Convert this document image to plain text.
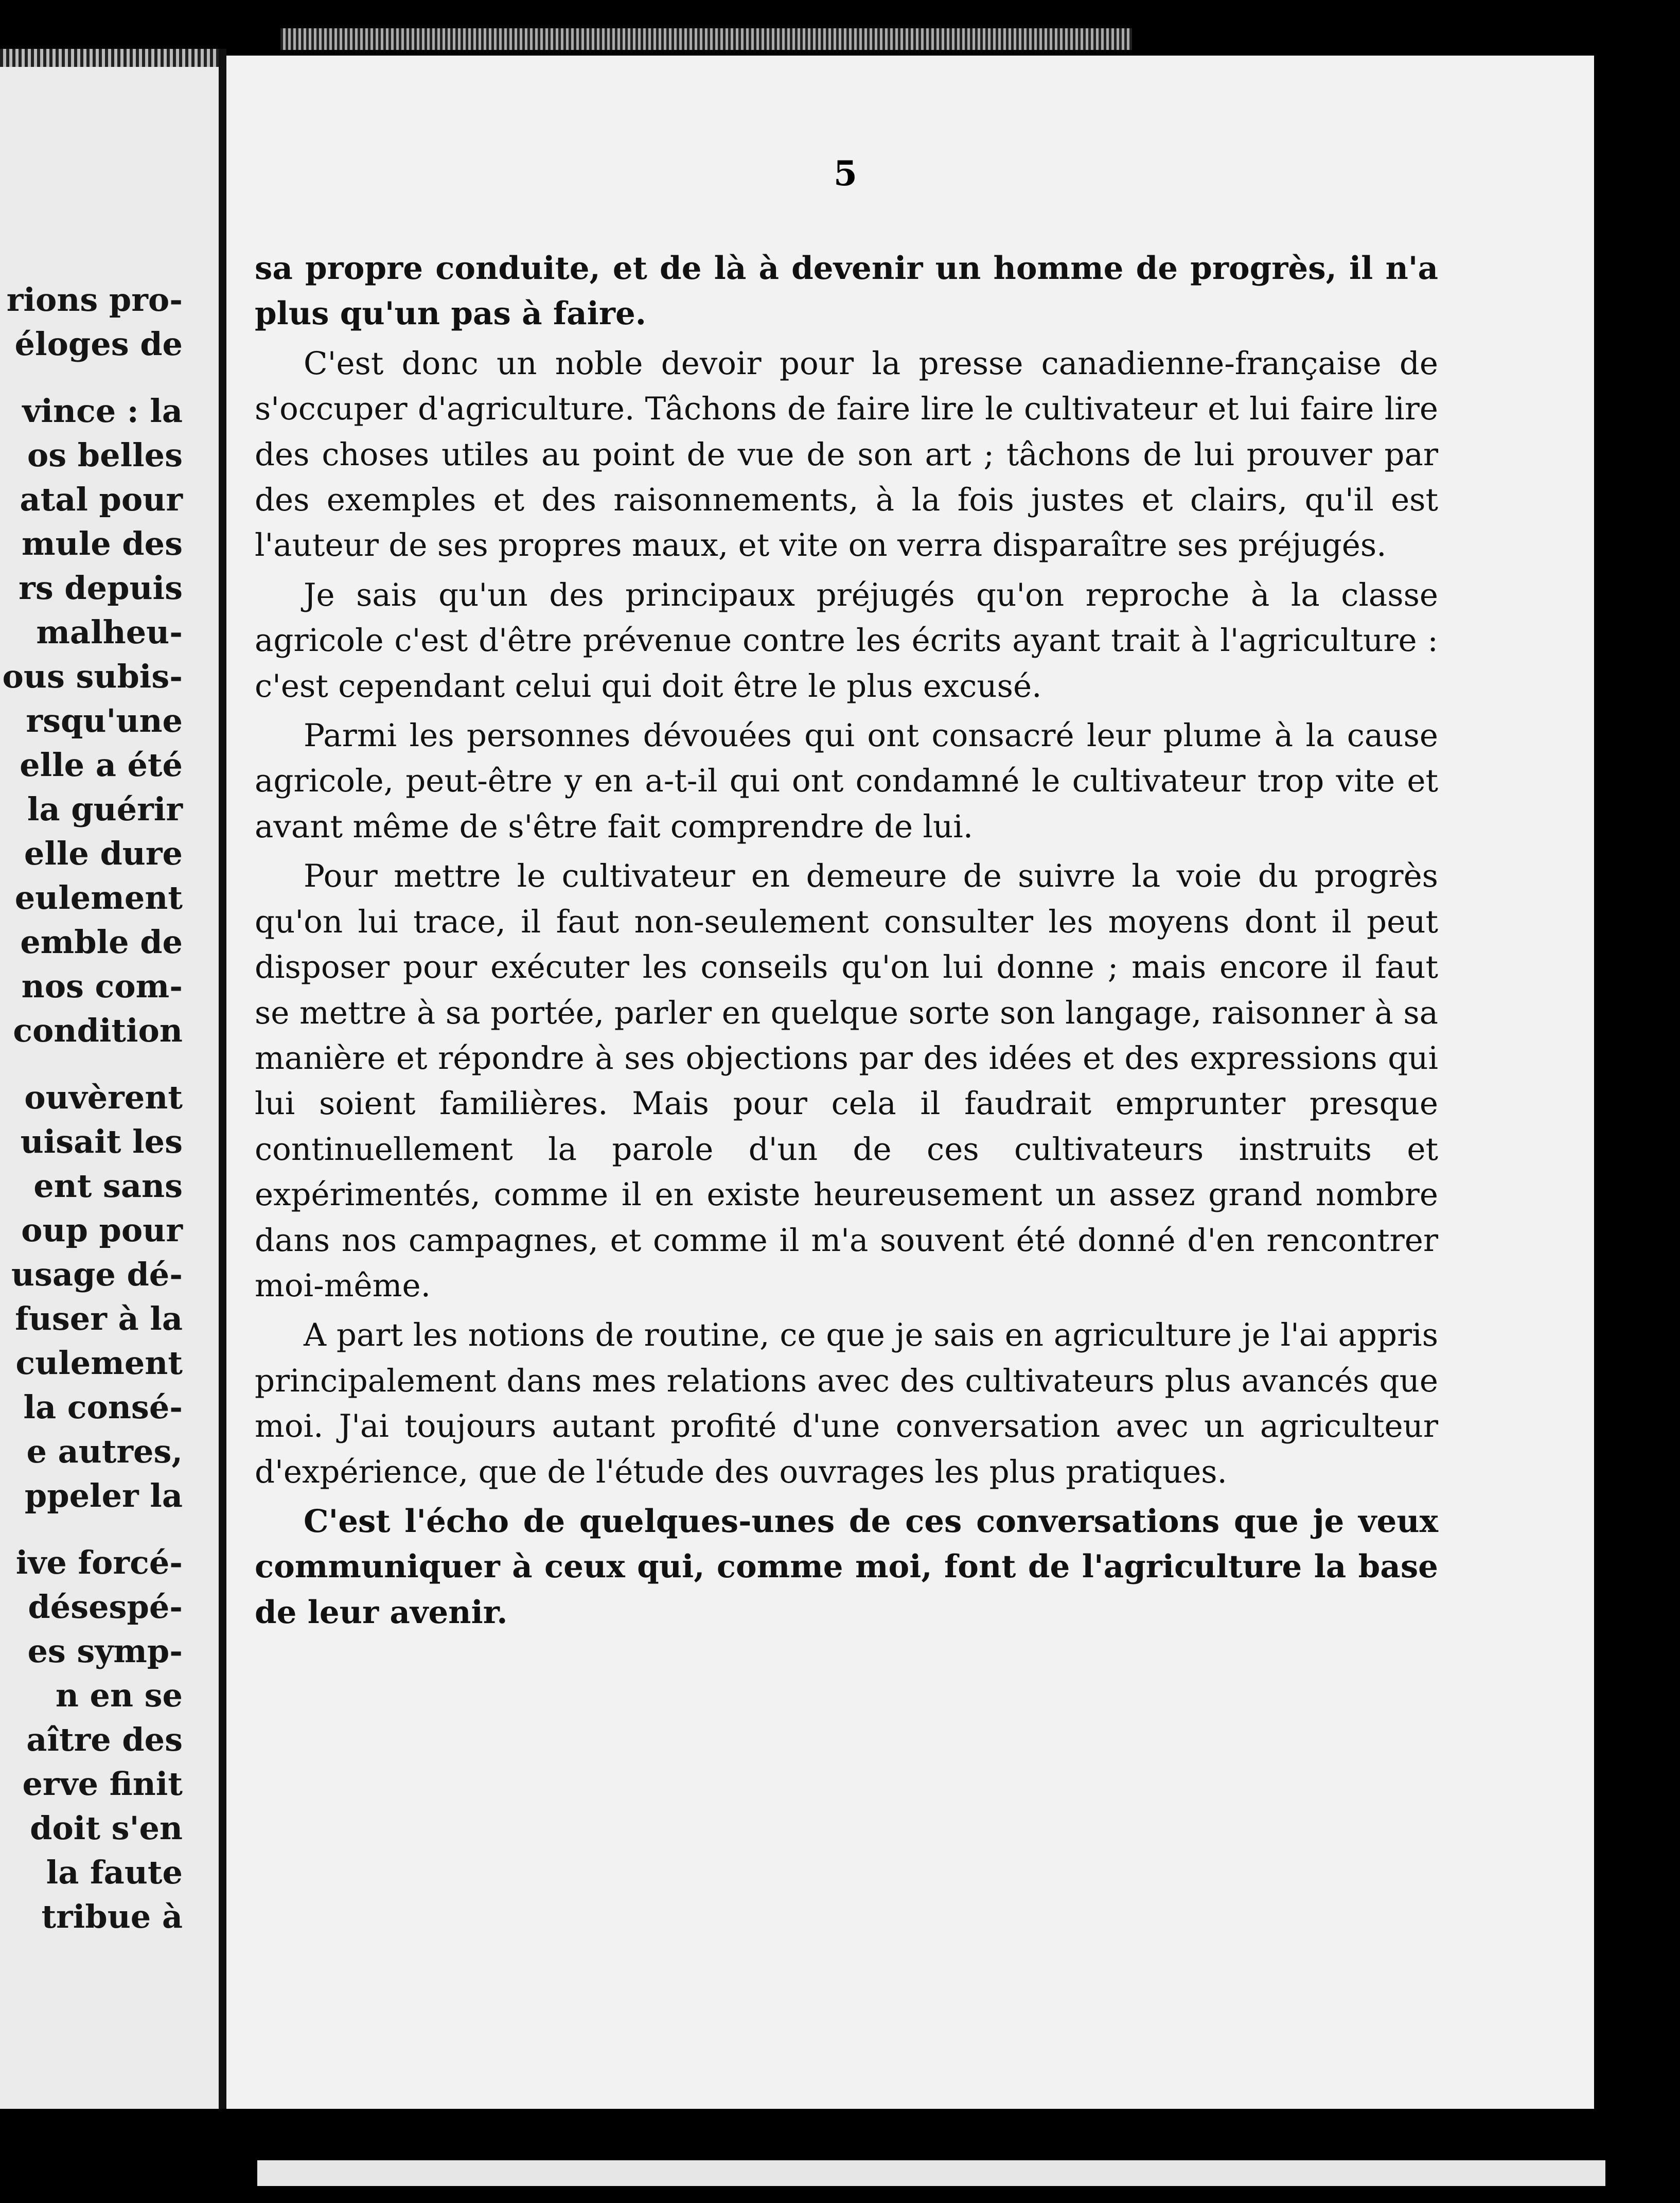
rions pro-
éloges de
vince : la
os belles
atal pour
mule des
rs depuis
malheu-
ous subis-
rsqu'une
elle a été
la guérir
elle dure
eulement
emble de
nos com-
condition
ouvèrent
uisait les
ent sans
oup pour
usage dé-
fuser à la
culement
la consé-
e autres,
ppeler la
ive forcé-
désespé-
es symp-
n en se
aître des
erve finit
doit s'en
la faute
tribue à

5

sa propre conduite, et de là à devenir un homme de progrès, il n'a plus qu'un pas à faire.

C'est donc un noble devoir pour la presse canadienne-française de s'occuper d'agriculture. Tâchons de faire lire le cultivateur et lui faire lire des choses utiles au point de vue de son art ; tâchons de lui prouver par des exemples et des raisonnements, à la fois justes et clairs, qu'il est l'auteur de ses propres maux, et vite on verra disparaître ses préjugés.

Je sais qu'un des principaux préjugés qu'on reproche à la classe agricole c'est d'être prévenue contre les écrits ayant trait à l'agriculture : c'est cependant celui qui doit être le plus excusé.

Parmi les personnes dévouées qui ont consacré leur plume à la cause agricole, peut-être y en a-t-il qui ont condamné le cultivateur trop vite et avant même de s'être fait comprendre de lui.

Pour mettre le cultivateur en demeure de suivre la voie du progrès qu'on lui trace, il faut non-seulement consulter les moyens dont il peut disposer pour exécuter les conseils qu'on lui donne ; mais encore il faut se mettre à sa portée, parler en quelque sorte son langage, raisonner à sa manière et répondre à ses objections par des idées et des expressions qui lui soient familières. Mais pour cela il faudrait emprunter presque continuellement la parole d'un de ces cultivateurs instruits et expérimentés, comme il en existe heureusement un assez grand nombre dans nos campagnes, et comme il m'a souvent été donné d'en rencontrer moi-même.

A part les notions de routine, ce que je sais en agriculture je l'ai appris principalement dans mes relations avec des cultivateurs plus avancés que moi. J'ai toujours autant profité d'une conversation avec un agriculteur d'expérience, que de l'étude des ouvrages les plus pratiques.

C'est l'écho de quelques-unes de ces conversations que je veux communiquer à ceux qui, comme moi, font de l'agriculture la base de leur avenir.
